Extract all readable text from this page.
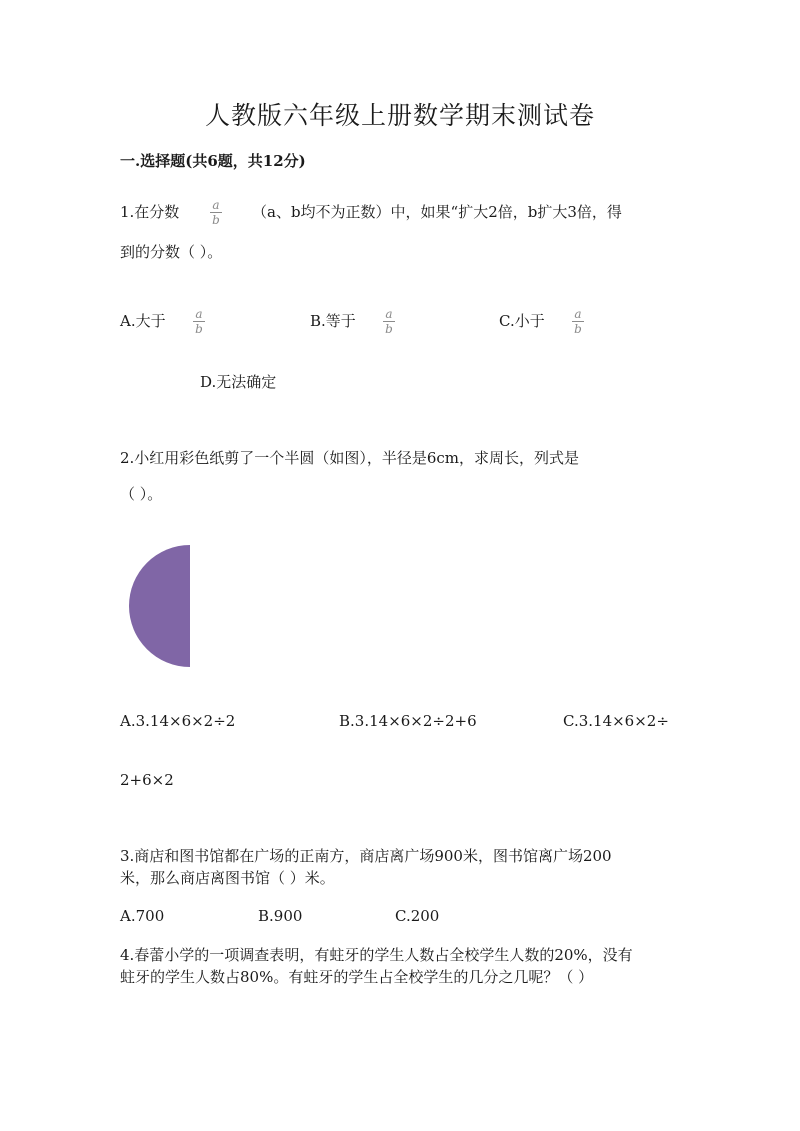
人教版六年级上册数学期末测试卷
一.选择题(共6题，共12分)
1.在分数	a
b （a、b均不为正数）中，如果“扩大2倍，b扩大3倍，得
到的分数（ ）。
A.大于 a
b	B.等于 a
b	C.小于 a
b
D.无法确定
2.小红用彩色纸剪了一个半圆（如图），半径是6cm，求周长，列式是
（ ）。
A.3.14×6×2÷2	B.3.14×6×2÷2+6	C.3.14×6×2÷
2+6×2
3.商店和图书馆都在广场的正南方，商店离广场900米，图书馆离广场200
米，那么商店离图书馆（ ）米。
A.700	B.900	C.200
4.春蕾小学的一项调查表明，有蛀牙的学生人数占全校学生人数的20%，没有
蛀牙的学生人数占80%。有蛀牙的学生占全校学生的几分之几呢？（ ）
